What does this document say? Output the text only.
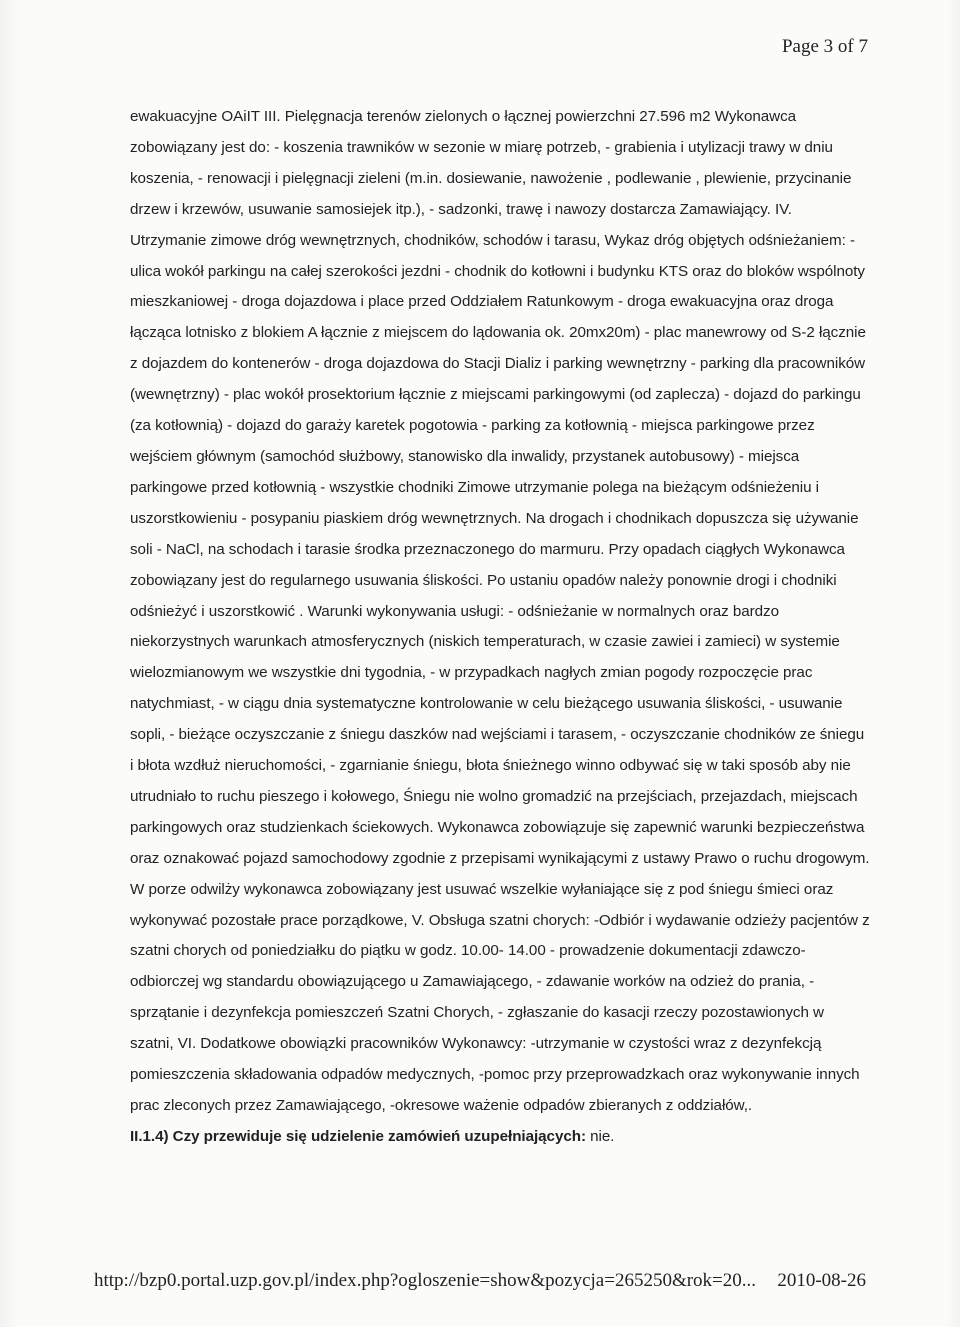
Page 3 of 7
ewakuacyjne OAiIT III. Pielęgnacja terenów zielonych o łącznej powierzchni 27.596 m2 Wykonawca zobowiązany jest do: - koszenia trawników w sezonie w miarę potrzeb, - grabienia i utylizacji trawy w dniu koszenia, - renowacji i pielęgnacji zieleni (m.in. dosiewanie, nawożenie , podlewanie , plewienie, przycinanie drzew i krzewów, usuwanie samosiejek itp.), - sadzonki, trawę i nawozy dostarcza Zamawiający. IV. Utrzymanie zimowe dróg wewnętrznych, chodników, schodów i tarasu, Wykaz dróg objętych odśnieżaniem: - ulica wokół parkingu na całej szerokości jezdni - chodnik do kotłowni i budynku KTS oraz do bloków wspólnoty mieszkaniowej - droga dojazdowa i place przed Oddziałem Ratunkowym - droga ewakuacyjna oraz droga łącząca lotnisko z blokiem A łącznie z miejscem do lądowania ok. 20mx20m) - plac manewrowy od S-2 łącznie z dojazdem do kontenerów - droga dojazdowa do Stacji Dializ i parking wewnętrzny - parking dla pracowników (wewnętrzny) - plac wokół prosektorium łącznie z miejscami parkingowymi (od zaplecza) - dojazd do parkingu (za kotłownią) - dojazd do garaży karetek pogotowia - parking za kotłownią - miejsca parkingowe przez wejściem głównym (samochód służbowy, stanowisko dla inwalidy, przystanek autobusowy) - miejsca parkingowe przed kotłownią - wszystkie chodniki Zimowe utrzymanie polega na bieżącym odśnieżeniu i uszorstkowieniu - posypaniu piaskiem dróg wewnętrznych. Na drogach i chodnikach dopuszcza się używanie soli - NaCl, na schodach i tarasie środka przeznaczonego do marmuru. Przy opadach ciągłych Wykonawca zobowiązany jest do regularnego usuwania śliskości. Po ustaniu opadów należy ponownie drogi i chodniki odśnieżyć i uszorstkowić . Warunki wykonywania usługi: - odśnieżanie w normalnych oraz bardzo niekorzystnych warunkach atmosferycznych (niskich temperaturach, w czasie zawiei i zamieci) w systemie wielozmianowym we wszystkie dni tygodnia, - w przypadkach nagłych zmian pogody rozpoczęcie prac natychmiast, - w ciągu dnia systematyczne kontrolowanie w celu bieżącego usuwania śliskości, - usuwanie sopli, - bieżące oczyszczanie z śniegu daszków nad wejściami i tarasem, - oczyszczanie chodników ze śniegu i błota wzdłuż nieruchomości, - zgarnianie śniegu, błota śnieżnego winno odbywać się w taki sposób aby nie utrudniało to ruchu pieszego i kołowego, Śniegu nie wolno gromadzić na przejściach, przejazdach, miejscach parkingowych oraz studzienkach ściekowych. Wykonawca zobowiązuje się zapewnić warunki bezpieczeństwa oraz oznakować pojazd samochodowy zgodnie z przepisami wynikającymi z ustawy Prawo o ruchu drogowym. W porze odwilży wykonawca zobowiązany jest usuwać wszelkie wyłaniające się z pod śniegu śmieci oraz wykonywać pozostałe prace porządkowe, V. Obsługa szatni chorych: -Odbiór i wydawanie odzieży pacjentów z szatni chorych od poniedziałku do piątku w godz. 10.00- 14.00 - prowadzenie dokumentacji zdawczo-odbiorczej wg standardu obowiązującego u Zamawiającego, - zdawanie worków na odzież do prania, - sprzątanie i dezynfekcja pomieszczeń Szatni Chorych, - zgłaszanie do kasacji rzeczy pozostawionych w szatni, VI. Dodatkowe obowiązki pracowników Wykonawcy: -utrzymanie w czystości wraz z dezynfekcją pomieszczenia składowania odpadów medycznych, -pomoc przy przeprowadzkach oraz wykonywanie innych prac zleconych przez Zamawiającego, -okresowe ważenie odpadów zbieranych z oddziałów,.
II.1.4) Czy przewiduje się udzielenie zamówień uzupełniających: nie.
http://bzp0.portal.uzp.gov.pl/index.php?ogloszenie=show&pozycja=265250&rok=20... 2010-08-26
